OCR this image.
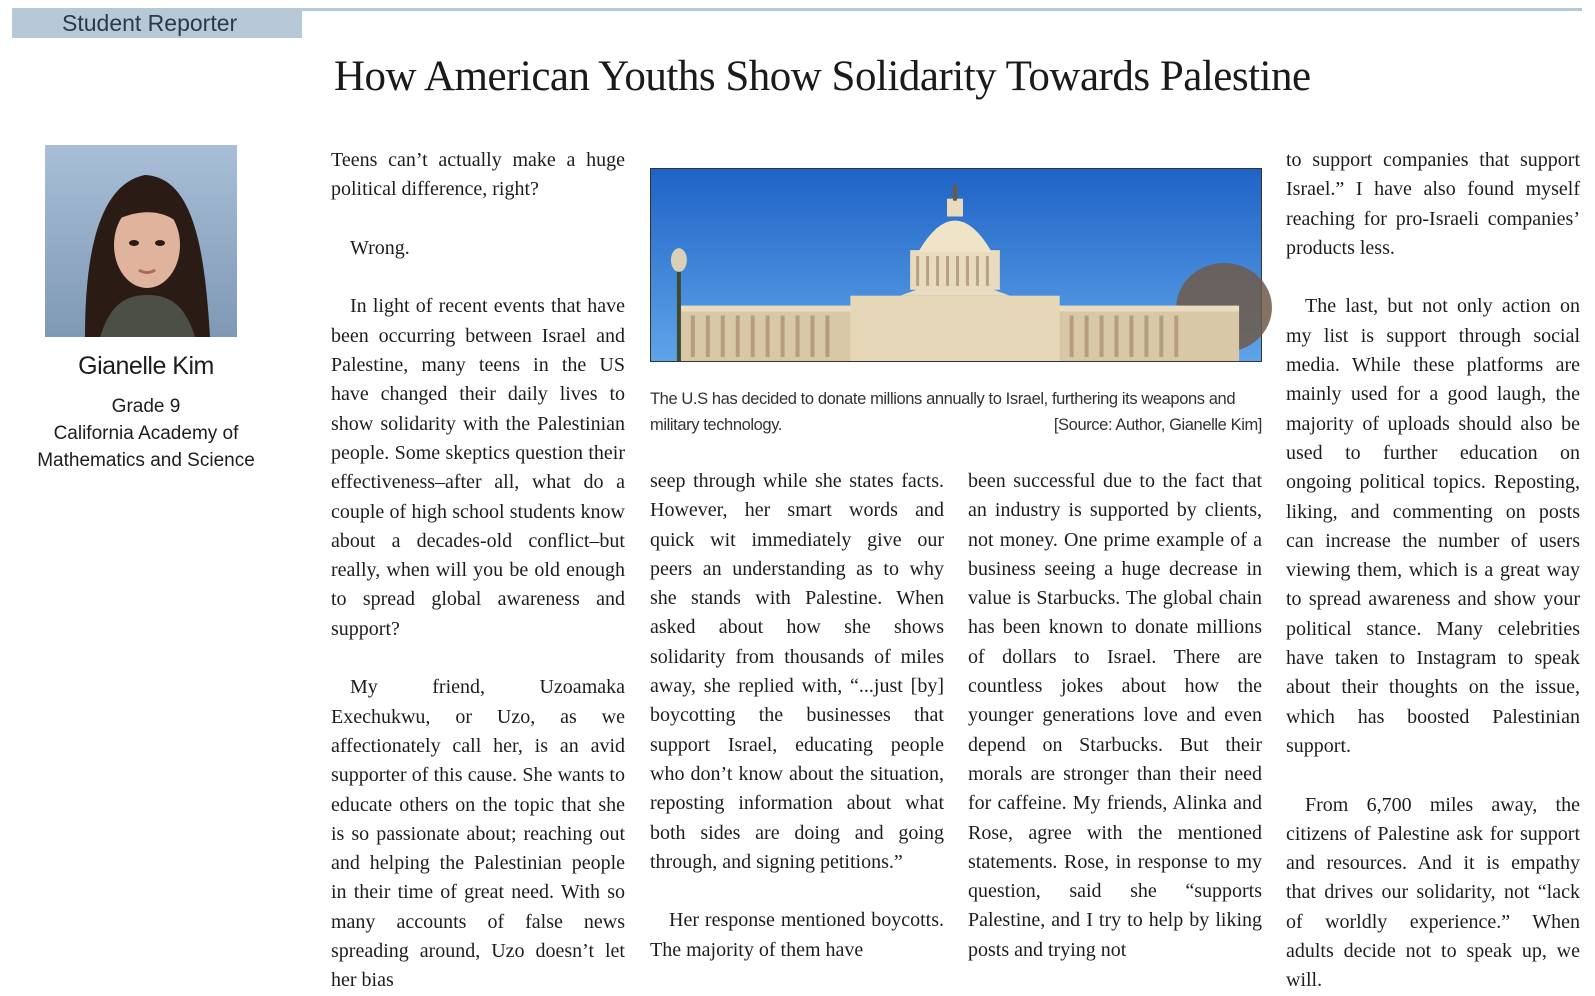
Student Reporter
How American Youths Show Solidarity Towards Palestine
Gianelle Kim
Grade 9
California Academy of
Mathematics and Science

Teens can’t actually make a huge political difference, right?

Wrong.

In light of recent events that have been occurring between Israel and Palestine, many teens in the US have changed their daily lives to show solidarity with the Palestinian people. Some skeptics question their effectiveness–after all, what do a couple of high school students know about a decades-old conflict–but really, when will you be old enough to spread global awareness and support?

My friend, Uzoamaka Exechukwu, or Uzo, as we affectionately call her, is an avid supporter of this cause. She wants to educate others on the topic that she is so passionate about; reaching out and helping the Palestinian people in their time of great need. With so many accounts of false news spreading around, Uzo doesn’t let her bias

The U.S has decided to donate millions annually to Israel, furthering its weapons and military technology.	[Source: Author, Gianelle Kim]

seep through while she states facts. However, her smart words and quick wit immediately give our peers an understanding as to why she stands with Palestine. When asked about how she shows solidarity from thousands of miles away, she replied with, “...just [by] boycotting the businesses that support Israel, educating people who don’t know about the situation, reposting information about what both sides are doing and going through, and signing petitions.”

Her response mentioned boycotts. The majority of them have

been successful due to the fact that an industry is supported by clients, not money. One prime example of a business seeing a huge decrease in value is Starbucks. The global chain has been known to donate millions of dollars to Israel. There are countless jokes about how the younger generations love and even depend on Starbucks. But their morals are stronger than their need for caffeine. My friends, Alinka and Rose, agree with the mentioned statements. Rose, in response to my question, said she “supports Palestine, and I try to help by liking posts and trying not

to support companies that support Israel.” I have also found myself reaching for pro-Israeli companies’ products less.

The last, but not only action on my list is support through social media. While these platforms are mainly used for a good laugh, the majority of uploads should also be used to further education on ongoing political topics. Reposting, liking, and commenting on posts can increase the number of users viewing them, which is a great way to spread awareness and show your political stance. Many celebrities have taken to Instagram to speak about their thoughts on the issue, which has boosted Palestinian support.

From 6,700 miles away, the citizens of Palestine ask for support and resources. And it is empathy that drives our solidarity, not “lack of worldly experience.” When adults decide not to speak up, we will.
